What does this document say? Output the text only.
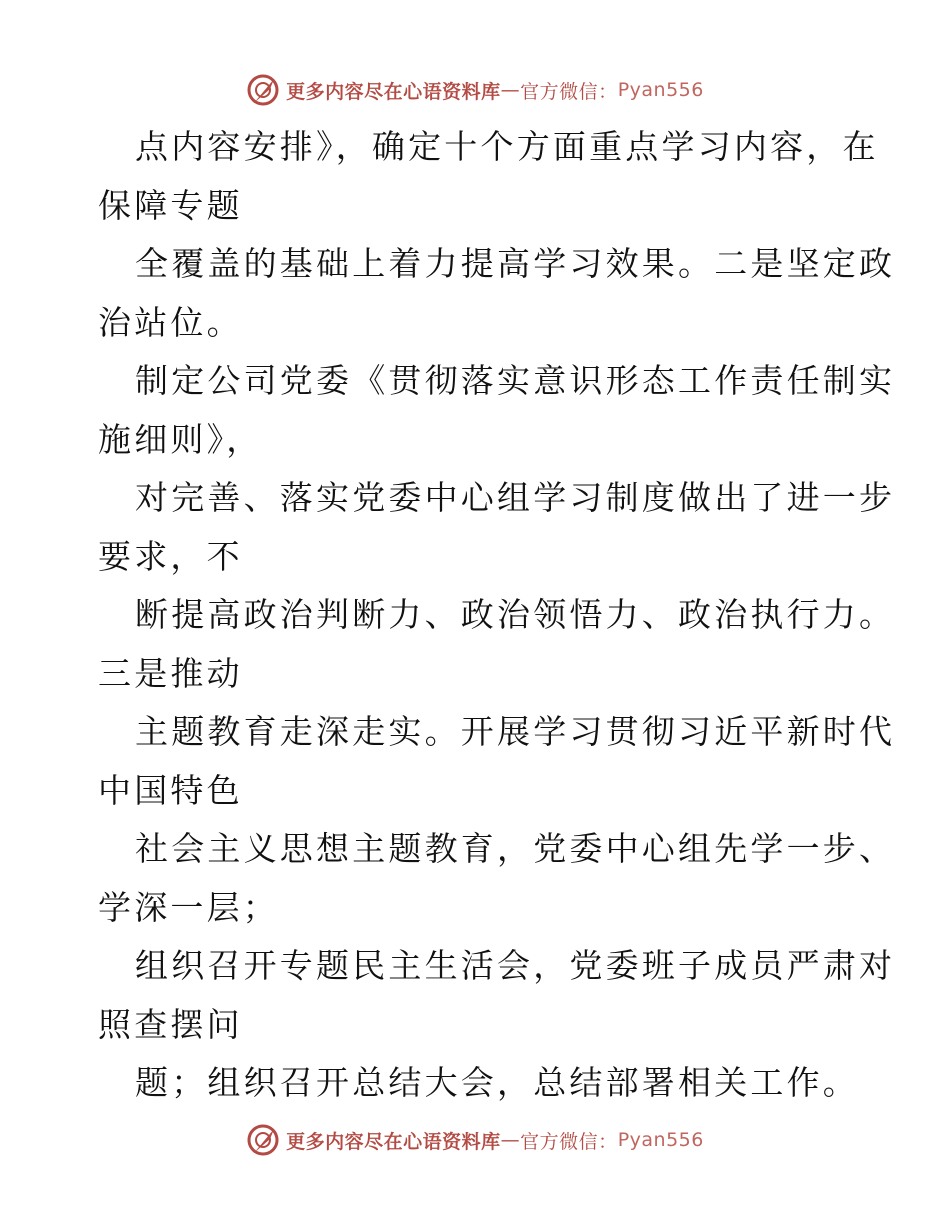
更多内容尽在心语资料库 — 官方微信： Pyan556

点内容安排》，确定十个方面重点学习内容，在
保障专题

全覆盖的基础上着力提高学习效果。二是坚定政
治站位。

制定公司党委《贯彻落实意识形态工作责任制实
施细则》，

对完善、落实党委中心组学习制度做出了进一步
要求，不

断提高政治判断力、政治领悟力、政治执行力。
三是推动

主题教育走深走实。开展学习贯彻习近平新时代
中国特色

社会主义思想主题教育，党委中心组先学一步、
学深一层；

组织召开专题民主生活会，党委班子成员严肃对
照查摆问

题；组织召开总结大会，总结部署相关工作。

更多内容尽在心语资料库 — 官方微信： Pyan556
